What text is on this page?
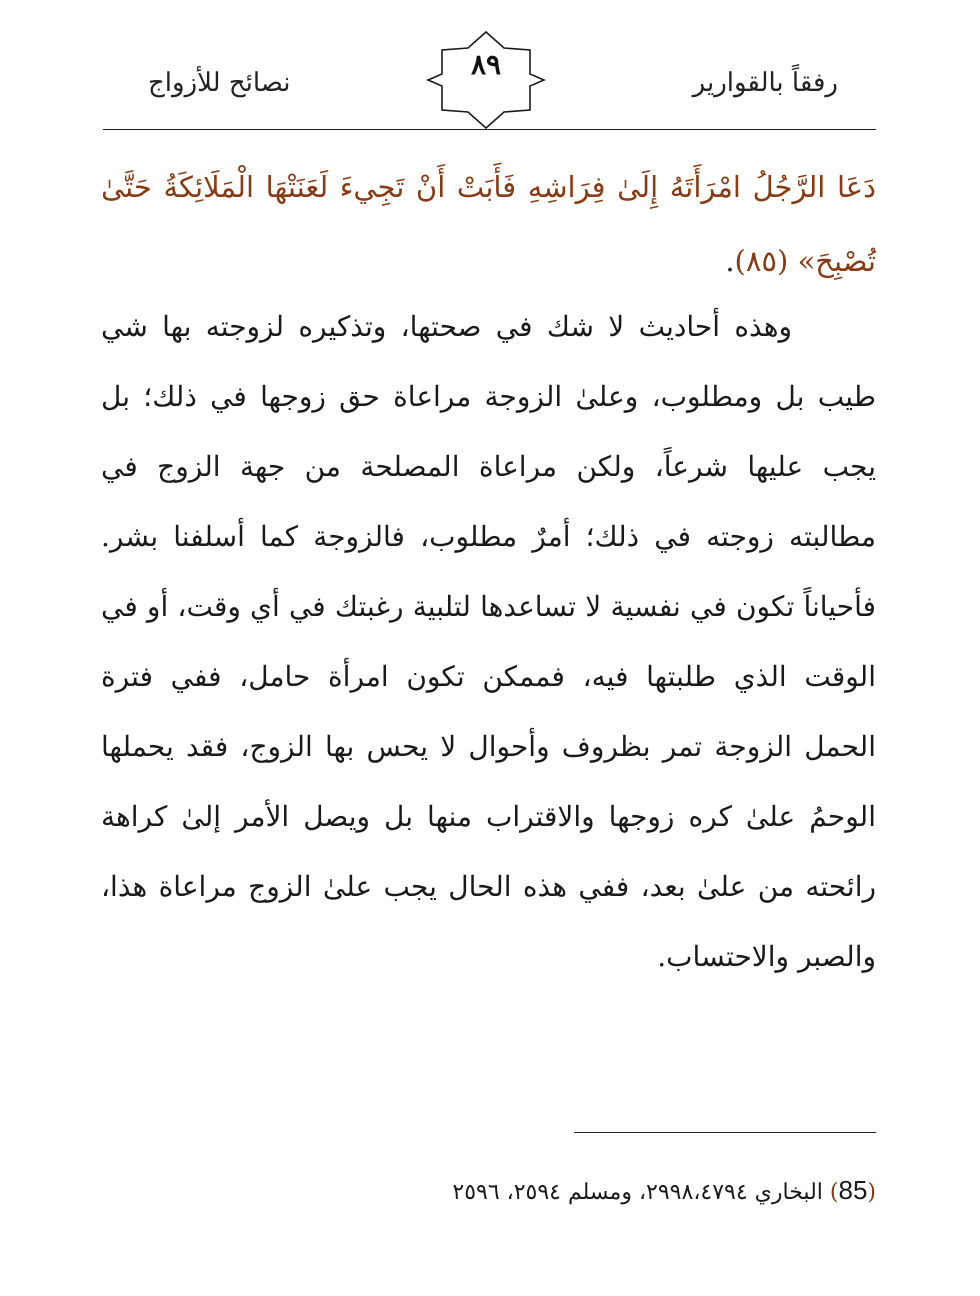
رفقاً بالقوارير
٨٩
نصائح للأزواج
دَعَا الرَّجُلُ امْرَأَتَهُ إِلَىٰ فِرَاشِهِ فَأَبَتْ أَنْ تَجِيءَ لَعَنَتْهَا الْمَلَائِكَةُ حَتَّىٰ تُصْبِحَ» (٨٥).
وهذه أحاديث لا شك في صحتها، وتذكيره لزوجته بها شي طيب بل ومطلوب، وعلىٰ الزوجة مراعاة حق زوجها في ذلك؛ بل يجب عليها شرعاً، ولكن مراعاة المصلحة من جهة الزوج في مطالبته زوجته في ذلك؛ أمرٌ مطلوب، فالزوجة كما أسلفنا بشر. فأحياناً تكون في نفسية لا تساعدها لتلبية رغبتك في أي وقت، أو في الوقت الذي طلبتها فيه، فممكن تكون امرأة حامل، ففي فترة الحمل الزوجة تمر بظروف وأحوال لا يحس بها الزوج، فقد يحملها الوحمُ علىٰ كره زوجها والاقتراب منها بل ويصل الأمر إلىٰ كراهة رائحته من علىٰ بعد، ففي هذه الحال يجب علىٰ الزوج مراعاة هذا، والصبر والاحتساب.
(85) البخاري ٢٩٩٨،٤٧٩٤، ومسلم ٢٥٩٤، ٢٥٩٦
